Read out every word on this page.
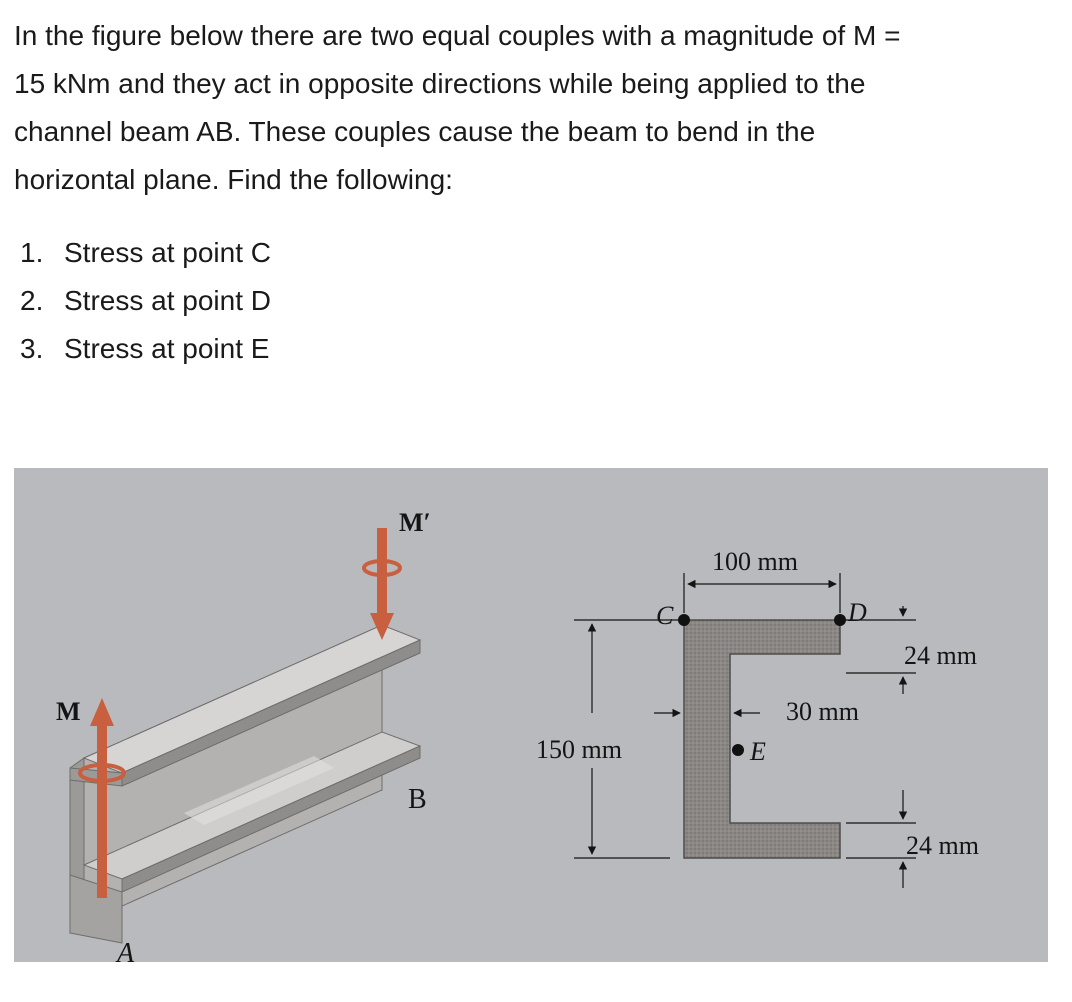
In the figure below there are two equal couples with a magnitude of M =
15 kNm and they act in opposite directions while being applied to the
channel beam AB. These couples cause the beam to bend in the
horizontal plane. Find the following:
1. Stress at point C
2. Stress at point D
3. Stress at point E
M′
M
B
A
C	D
E
100 mm
150 mm
30 mm
24 mm
24 mm
